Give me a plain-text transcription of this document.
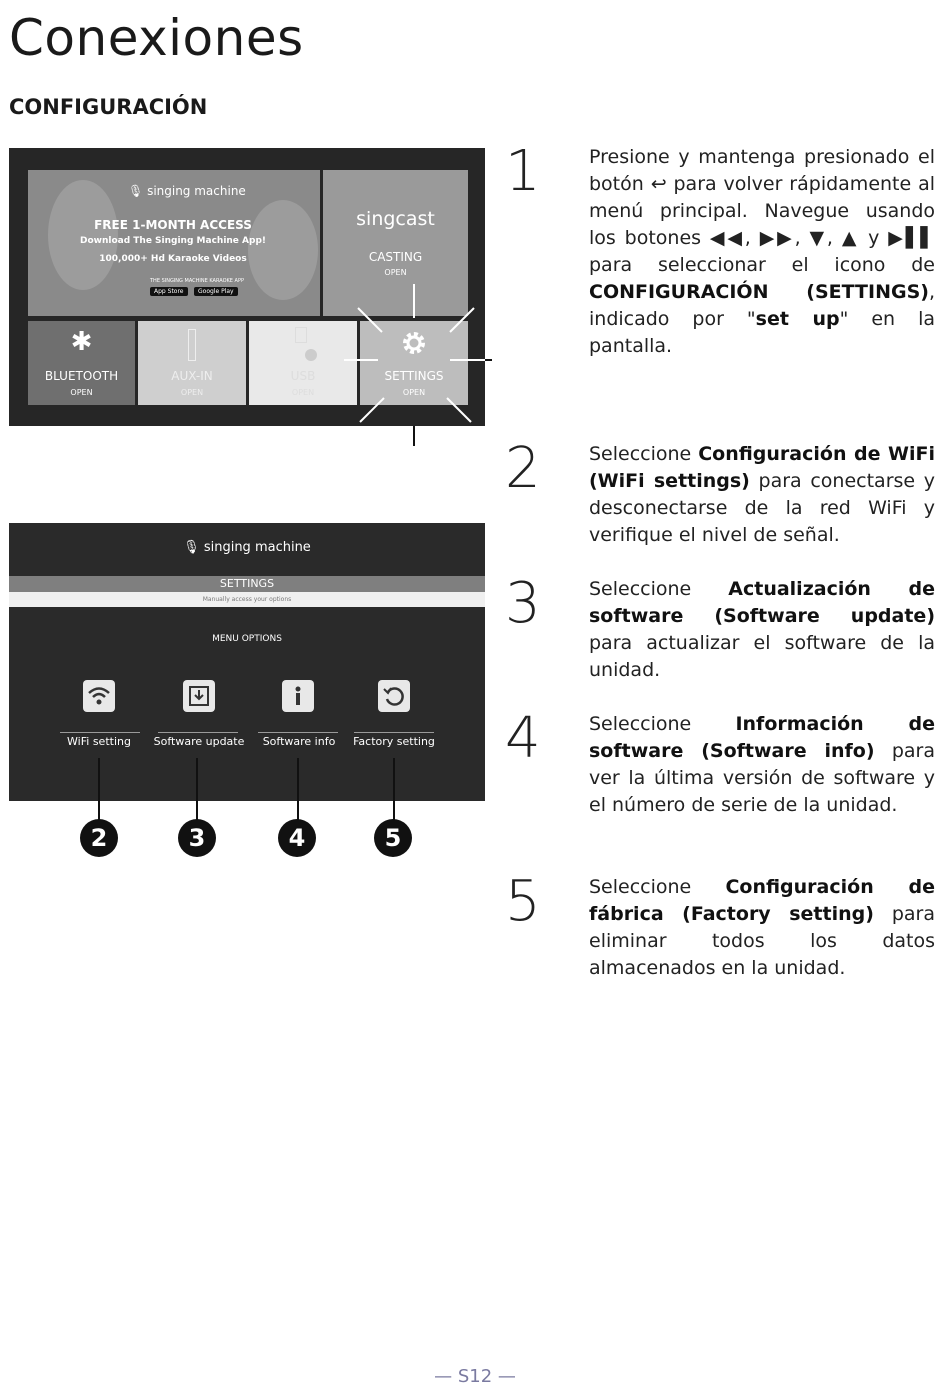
Conexiones
CONFIGURACIÓN
🎙 singing machine
FREE 1-MONTH ACCESS
Download The Singing Machine App!
100,000+ Hd Karaoke Videos
THE SINGING MACHINE KARAOKE APP
App Store	Google Play
singcast
CASTING
OPEN
✱
BLUETOOTH
OPEN
AUX-IN
OPEN
USB
OPEN
SETTINGS
OPEN
🎙 singing machine
SETTINGS
Manually access your options
MENU OPTIONS
WiFi setting	Software update	Software info	Factory setting
2	3	4	5
1	Presione y mantenga presionado el botón ↩ para volver rápidamente al menú principal. Navegue usando los botones ◀◀, ▶▶, ▼, ▲ y ▶▌▌ para seleccionar el icono de CONFIGURACIÓN (SETTINGS), indicado por "set up" en la pantalla.

2	Seleccione Configuración de WiFi (WiFi settings) para conectarse y desconectarse de la red WiFi y verifique el nivel de señal.

3	Seleccione Actualización de software (Software update) para actualizar el software de la unidad.

4	Seleccione Información de software (Software info) para ver la última versión de software y el número de serie de la unidad.

5	Seleccione Configuración de fábrica (Factory setting) para eliminar todos los datos almacenados en la unidad.

— S12 —
